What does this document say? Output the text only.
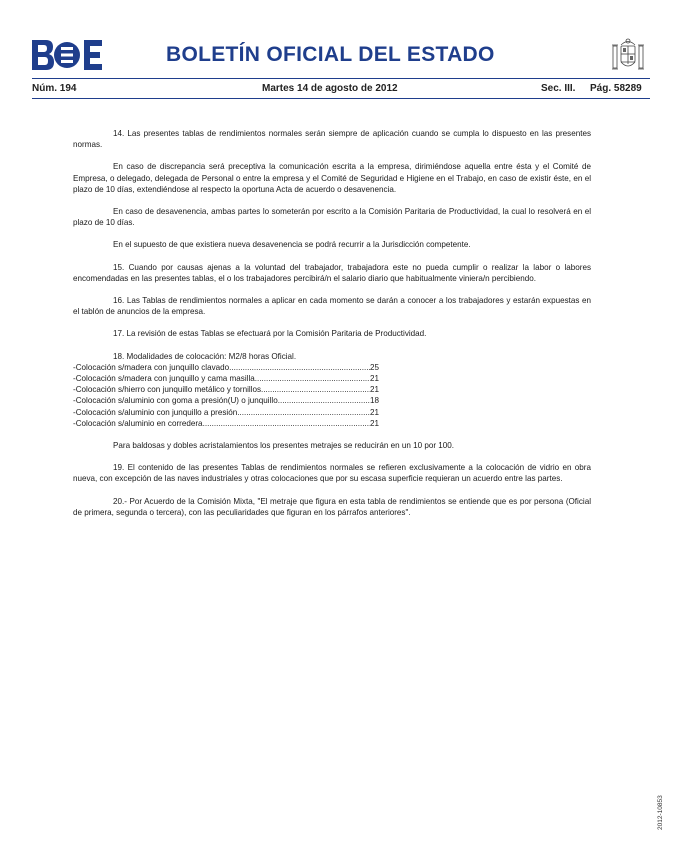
BOLETÍN OFICIAL DEL ESTADO
Núm. 194	Martes 14 de agosto de 2012	Sec. III. Pág. 58289

14. Las presentes tablas de rendimientos normales serán siempre de aplicación cuando se cumpla lo dispuesto en las presentes normas.

En caso de discrepancia será preceptiva la comunicación escrita a la empresa, dirimiéndose aquella entre ésta y el Comité de Empresa, o delegado, delegada de Personal o entre la empresa y el Comité de Seguridad e Higiene en el Trabajo, en caso de existir éste, en el plazo de 10 días, extendiéndose al respecto la oportuna Acta de acuerdo o desavenencia.

En caso de desavenencia, ambas partes lo someterán por escrito a la Comisión Paritaria de Productividad, la cual lo resolverá en el plazo de 10 días.

En el supuesto de que existiera nueva desavenencia se podrá recurrir a la Jurisdicción competente.

15. Cuando por causas ajenas a la voluntad del trabajador, trabajadora este no pueda cumplir o realizar la labor o labores encomendadas en las presentes tablas, el o los trabajadores percibirá/n el salario diario que habitualmente viniera/n percibiendo.

16. Las Tablas de rendimientos normales a aplicar en cada momento se darán a conocer a los trabajadores y estarán expuestas en el tablón de anuncios de la empresa.

17. La revisión de estas Tablas se efectuará por la Comisión Paritaria de Productividad.

18. Modalidades de colocación: M2/8 horas Oficial.

-Colocación s/madera con junquillo clavado .....	25
-Colocación s/madera con junquillo y cama masilla .....	21
-Colocación s/hierro con junquillo metálico y tornillos .....	21
-Colocación s/aluminio con goma a presión(U) o junquillo .....	18
-Colocación s/aluminio con junquillo a presión .....	21
-Colocación s/aluminio en corredera .....	21

Para baldosas y dobles acristalamientos los presentes metrajes se reducirán en un 10 por 100.

19. El contenido de las presentes Tablas de rendimientos normales se refieren exclusivamente a la colocación de vidrio en obra nueva, con excepción de las naves industriales y otras colocaciones que por su escasa superficie requieran un acuerdo entre las partes.

20.- Por Acuerdo de la Comisión Mixta, "El metraje que figura en esta tabla de rendimientos se entiende que es por persona (Oficial de primera, segunda o tercera), con las peculiaridades que figuran en los párrafos anteriores".

2012-10853
